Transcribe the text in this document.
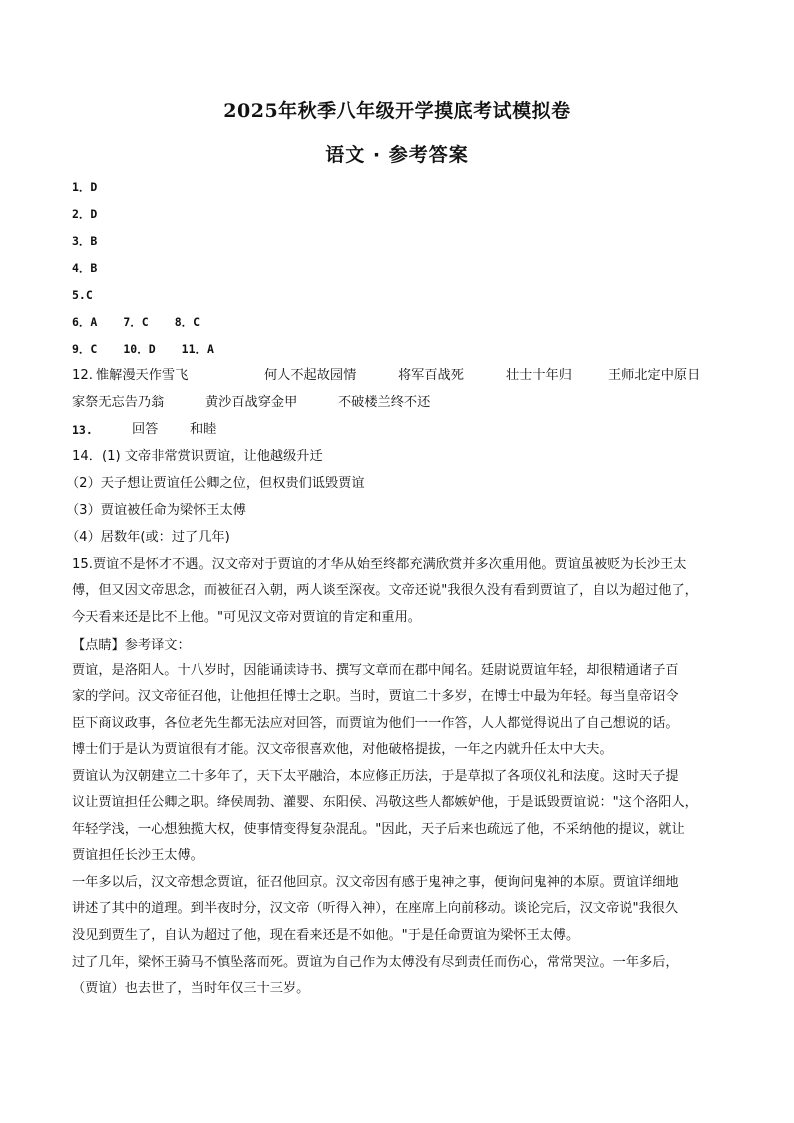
2025年秋季八年级开学摸底考试模拟卷
语文 · 参考答案
1．D
2．D
3．B
4．B
5.C
6．A 7．C 8．C
9．C 10．D 11．A
12. 惟解漫天作雪飞	何人不起故园情	将军百战死	壮士十年归	王师北定中原日
家祭无忘告乃翁	黄沙百战穿金甲	不破楼兰终不还
13.	回答 和睦
14．(1) 文帝非常赏识贾谊，让他越级升迁
（2）天子想让贾谊任公卿之位，但权贵们诋毁贾谊
（3）贾谊被任命为梁怀王太傅
（4）居数年(或：过了几年)
15.贾谊不是怀才不遇。汉文帝对于贾谊的才华从始至终都充满欣赏并多次重用他。贾谊虽被贬为长沙王太
傅，但又因文帝思念，而被征召入朝，两人谈至深夜。文帝还说"我很久没有看到贾谊了，自以为超过他了，
今天看来还是比不上他。"可见汉文帝对贾谊的肯定和重用。
【点睛】参考译文：
贾谊，是洛阳人。十八岁时，因能诵读诗书、撰写文章而在郡中闻名。廷尉说贾谊年轻，却很精通诸子百
家的学问。汉文帝征召他，让他担任博士之职。当时，贾谊二十多岁，在博士中最为年轻。每当皇帝诏令
臣下商议政事，各位老先生都无法应对回答，而贾谊为他们一一作答，人人都觉得说出了自己想说的话。
博士们于是认为贾谊很有才能。汉文帝很喜欢他，对他破格提拔，一年之内就升任太中大夫。
贾谊认为汉朝建立二十多年了，天下太平融洽，本应修正历法，于是草拟了各项仪礼和法度。这时天子提
议让贾谊担任公卿之职。绛侯周勃、灌婴、东阳侯、冯敬这些人都嫉妒他，于是诋毁贾谊说："这个洛阳人，
年轻学浅，一心想独揽大权，使事情变得复杂混乱。"因此，天子后来也疏远了他，不采纳他的提议，就让
贾谊担任长沙王太傅。
一年多以后，汉文帝想念贾谊，征召他回京。汉文帝因有感于鬼神之事，便询问鬼神的本原。贾谊详细地
讲述了其中的道理。到半夜时分，汉文帝（听得入神），在座席上向前移动。谈论完后，汉文帝说"我很久
没见到贾生了，自认为超过了他，现在看来还是不如他。"于是任命贾谊为梁怀王太傅。
过了几年，梁怀王骑马不慎坠落而死。贾谊为自己作为太傅没有尽到责任而伤心，常常哭泣。一年多后，
（贾谊）也去世了，当时年仅三十三岁。
